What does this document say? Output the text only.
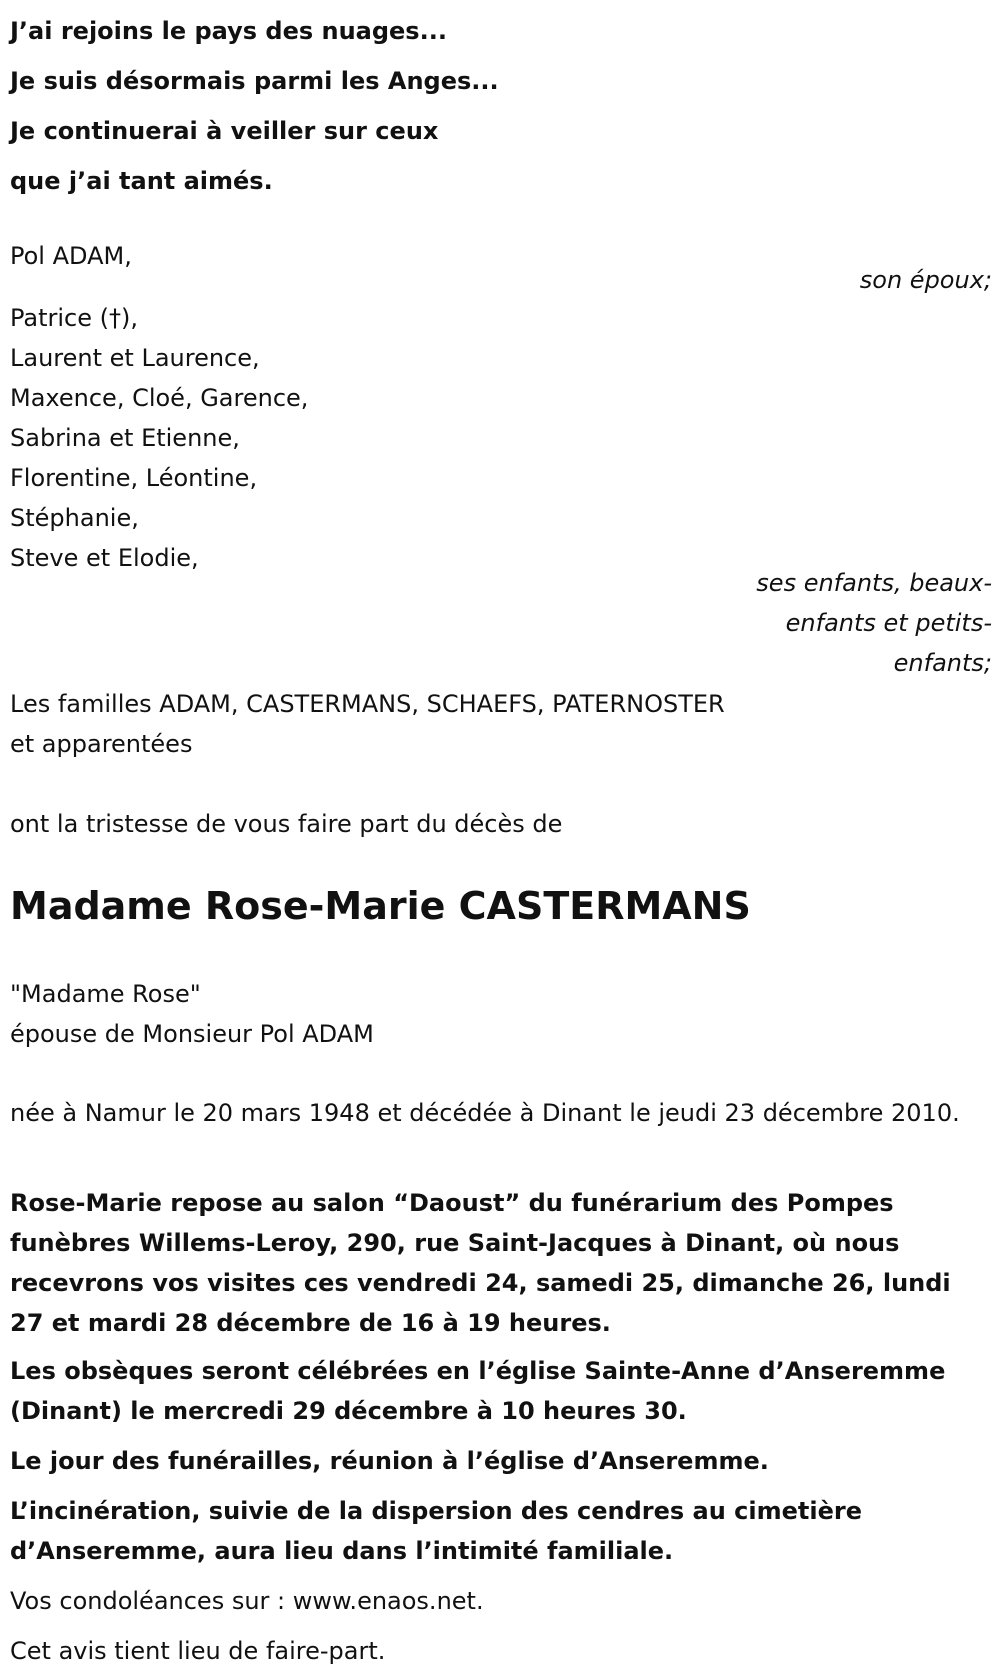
J’ai rejoins le pays des nuages...
Je suis désormais parmi les Anges...
Je continuerai à veiller sur ceux
que j’ai tant aimés.
Pol ADAM,
son époux;
Patrice (†),
Laurent et Laurence,
Maxence, Cloé, Garence,
Sabrina et Etienne,
Florentine, Léontine,
Stéphanie,
Steve et Elodie,
ses enfants, beaux-
enfants et petits-
enfants;
Les familles ADAM, CASTERMANS, SCHAEFS, PATERNOSTER
et apparentées
ont la tristesse de vous faire part du décès de
Madame Rose-Marie CASTERMANS
"Madame Rose"
épouse de Monsieur Pol ADAM
née à Namur le 20 mars 1948 et décédée à Dinant le jeudi 23 décembre 2010.
Rose-Marie repose au salon “Daoust” du funérarium des Pompes funèbres Willems-Leroy, 290, rue Saint-Jacques à Dinant, où nous recevrons vos visites ces vendredi 24, samedi 25, dimanche 26, lundi 27 et mardi 28 décembre de 16 à 19 heures.
Les obsèques seront célébrées en l’église Sainte-Anne d’Anseremme (Dinant) le mercredi 29 décembre à 10 heures 30.
Le jour des funérailles, réunion à l’église d’Anseremme.
L’incinération, suivie de la dispersion des cendres au cimetière d’Anseremme, aura lieu dans l’intimité familiale.
Vos condoléances sur : www.enaos.net.
Cet avis tient lieu de faire-part.
